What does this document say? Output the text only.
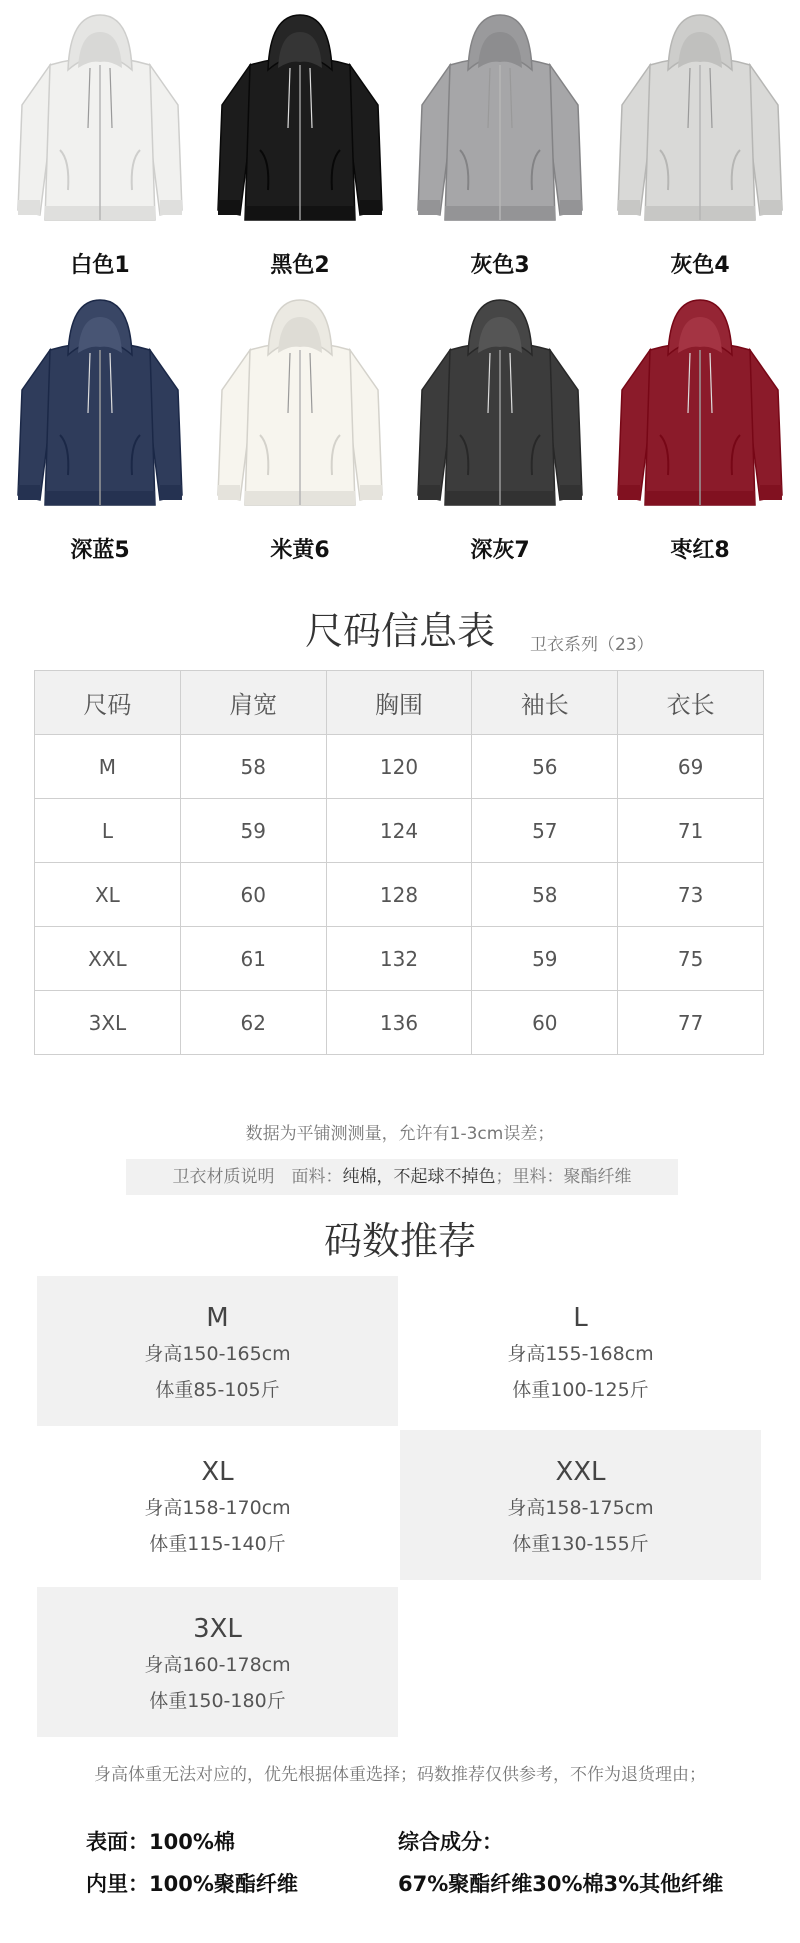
白色1	黑色2	灰色3	灰色4
深蓝5	米黄6	深灰7	枣红8
尺码信息表	卫衣系列（23）
尺码	肩宽	胸围	袖长	衣长
M	58	120	56	69
L	59	124	57	71
XL	60	128	58	73
XXL	61	132	59	75
3XL	62	136	60	77
数据为平铺测测量，允许有1-3cm误差；
卫衣材质说明　面料：纯棉，不起球不掉色；里料：聚酯纤维
码数推荐
M
身高150-165cm
体重85-105斤
L
身高155-168cm
体重100-125斤
XL
身高158-170cm
体重115-140斤
XXL
身高158-175cm
体重130-155斤
3XL
身高160-178cm
体重150-180斤
身高体重无法对应的，优先根据体重选择；码数推荐仅供参考，不作为退货理由；
表面：100%棉
内里：100%聚酯纤维
综合成分：
67%聚酯纤维30%棉3%其他纤维
